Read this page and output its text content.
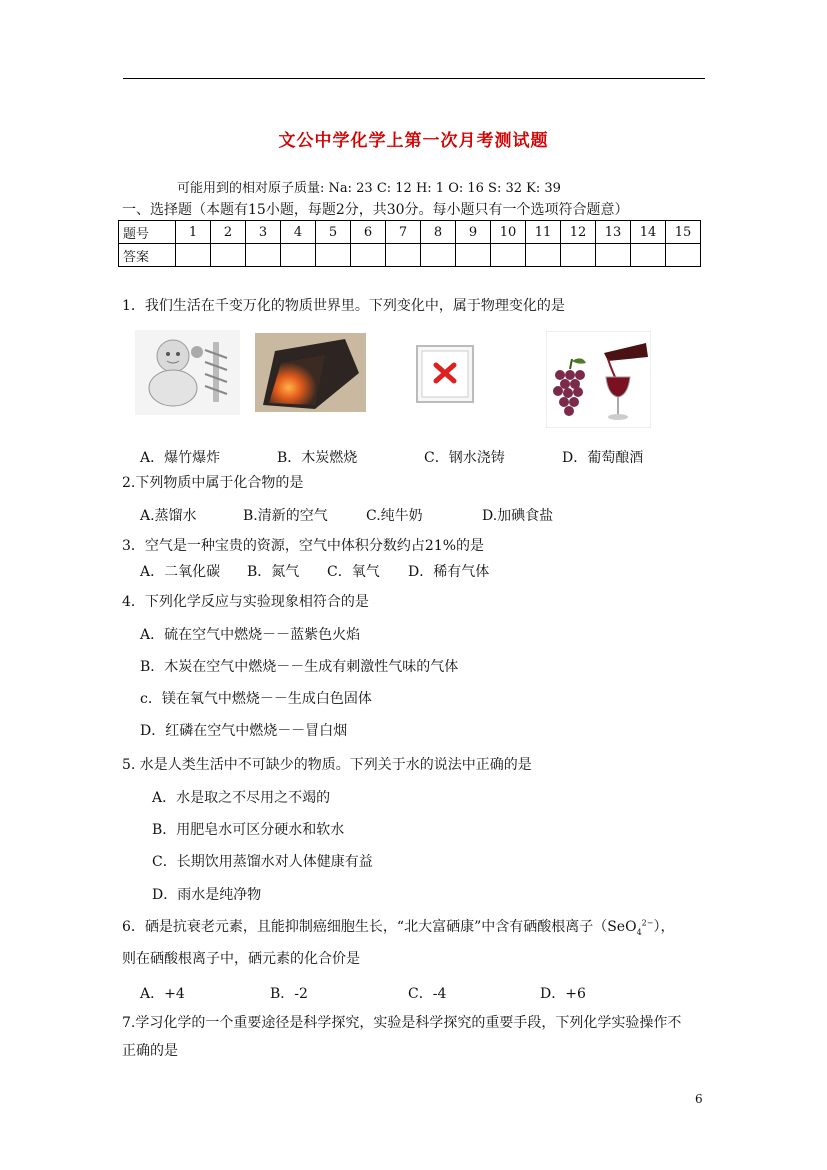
文公中学化学上第一次月考测试题
可能用到的相对原子质量: Na: 23 C: 12 H: 1 O: 16 S: 32 K: 39
一、选择题（本题有15小题，每题2分，共30分。每小题只有一个选项符合题意）
题号	1	2	3	4	5	6	7	8	9	10	11	12	13	14	15
答案															
1．我们生活在千变万化的物质世界里。下列变化中，属于物理变化的是
A．爆竹爆炸	B．木炭燃烧	C．钢水浇铸	D．葡萄酿酒
2.下列物质中属于化合物的是
A.蒸馏水	B.清新的空气	C.纯牛奶	D.加碘食盐
3．空气是一种宝贵的资源，空气中体积分数约占21%的是
A．二氧化碳 B．氮气 C．氧气 D．稀有气体
4．下列化学反应与实验现象相符合的是
A．硫在空气中燃烧－－蓝紫色火焰
B．木炭在空气中燃烧－－生成有刺激性气味的气体
c．镁在氧气中燃烧－－生成白色固体
D．红磷在空气中燃烧－－冒白烟
5. 水是人类生活中不可缺少的物质。下列关于水的说法中正确的是
A．水是取之不尽用之不竭的
B．用肥皂水可区分硬水和软水
C．长期饮用蒸馏水对人体健康有益
D．雨水是纯净物
6．硒是抗衰老元素，且能抑制癌细胞生长，“北大富硒康”中含有硒酸根离子（SeO$_4^{2-}$），
则在硒酸根离子中，硒元素的化合价是
A．+4	B．-2	C．-4	D．+6
7.学习化学的一个重要途径是科学探究，实验是科学探究的重要手段，下列化学实验操作不
正确的是
6
